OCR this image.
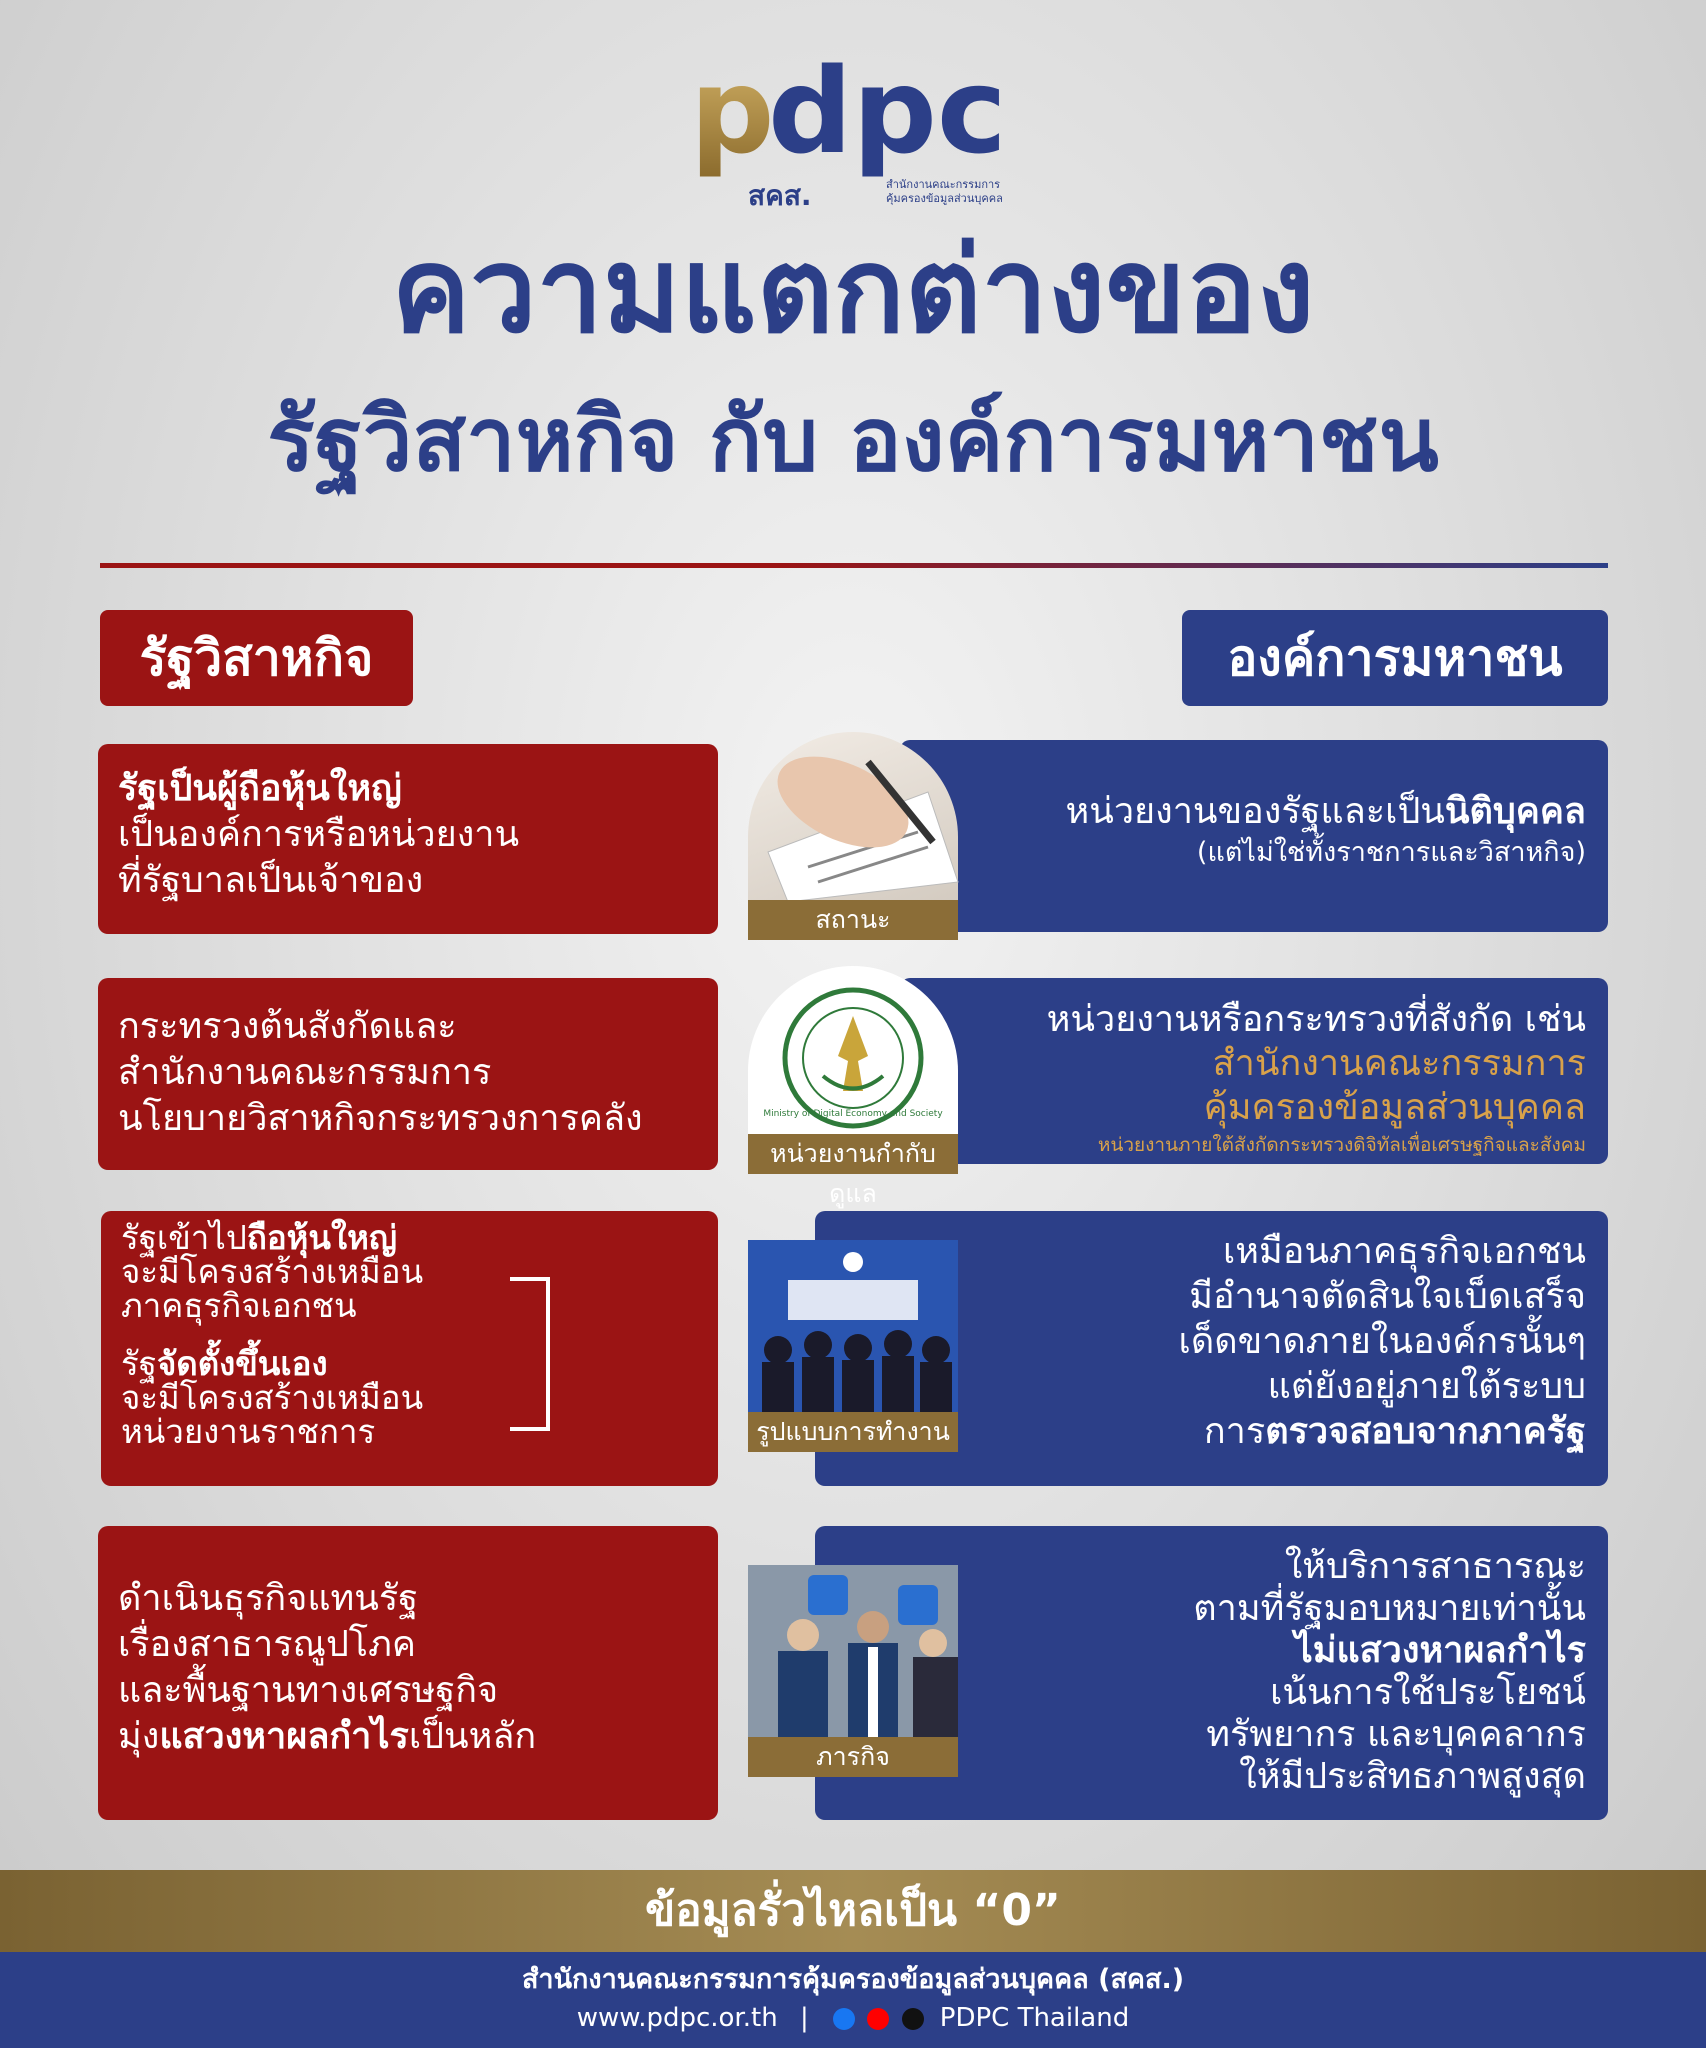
p
dpc
สคส.	สำนักงานคณะกรรมการ
คุ้มครองข้อมูลส่วนบุคคล
ความแตกต่างของ
รัฐวิสาหกิจ กับ องค์การมหาชน
รัฐวิสาหกิจ	องค์การมหาชน
รัฐเป็นผู้ถือหุ้นใหญ่
เป็นองค์การหรือหน่วยงาน
ที่รัฐบาลเป็นเจ้าของ
หน่วยงานของรัฐและเป็นนิติบุคคล
(แต่ไม่ใช่ทั้งราชการและวิสาหกิจ)
สถานะ
กระทรวงต้นสังกัดและ
สำนักงานคณะกรรมการ
นโยบายวิสาหกิจกระทรวงการคลัง
หน่วยงานหรือกระทรวงที่สังกัด เช่น
สำนักงานคณะกรรมการ
คุ้มครองข้อมูลส่วนบุคคล
หน่วยงานภายใต้สังกัดกระทรวงดิจิทัลเพื่อเศรษฐกิจและสังคม
Ministry of Digital Economy and Society
หน่วยงานกำกับดูแล
รัฐเข้าไปถือหุ้นใหญ่
จะมีโครงสร้างเหมือน
ภาคธุรกิจเอกชน
รัฐจัดตั้งขึ้นเอง
จะมีโครงสร้างเหมือน
หน่วยงานราชการ
เหมือนภาคธุรกิจเอกชน
มีอำนาจตัดสินใจเบ็ดเสร็จ
เด็ดขาดภายในองค์กรนั้นๆ
แต่ยังอยู่ภายใต้ระบบ
การตรวจสอบจากภาครัฐ
รูปแบบการทำงาน
ดำเนินธุรกิจแทนรัฐ
เรื่องสาธารณูปโภค
และพื้นฐานทางเศรษฐกิจ
มุ่งแสวงหาผลกำไรเป็นหลัก
ให้บริการสาธารณะ
ตามที่รัฐมอบหมายเท่านั้น
ไม่แสวงหาผลกำไร
เน้นการใช้ประโยชน์
ทรัพยากร และบุคคลากร
ให้มีประสิทธภาพสูงสุด
ภารกิจ
ข้อมูลรั่วไหลเป็น “0”
สำนักงานคณะกรรมการคุ้มครองข้อมูลส่วนบุคคล (สคส.)
www.pdpc.or.th |	PDPC Thailand
